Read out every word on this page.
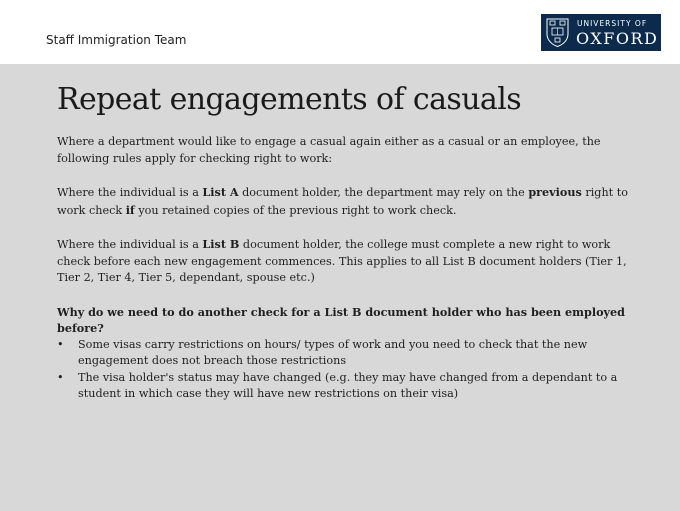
Staff Immigration Team
UNIVERSITY OF
OXFORD
Repeat engagements of casuals

Where a department would like to engage a casual again either as a casual or an employee, the following rules apply for checking right to work:

Where the individual is a List A document holder, the department may rely on the previous right to work check if you retained copies of the previous right to work check.

Where the individual is a List B document holder, the college must complete a new right to work check before each new engagement commences. This applies to all List B document holders (Tier 1, Tier 2, Tier 4, Tier 5, dependant, spouse etc.)

Why do we need to do another check for a List B document holder who has been employed before?

• Some visas carry restrictions on hours/ types of work and you need to check that the new engagement does not breach those restrictions
• The visa holder's status may have changed (e.g. they may have changed from a dependant to a student in which case they will have new restrictions on their visa)
